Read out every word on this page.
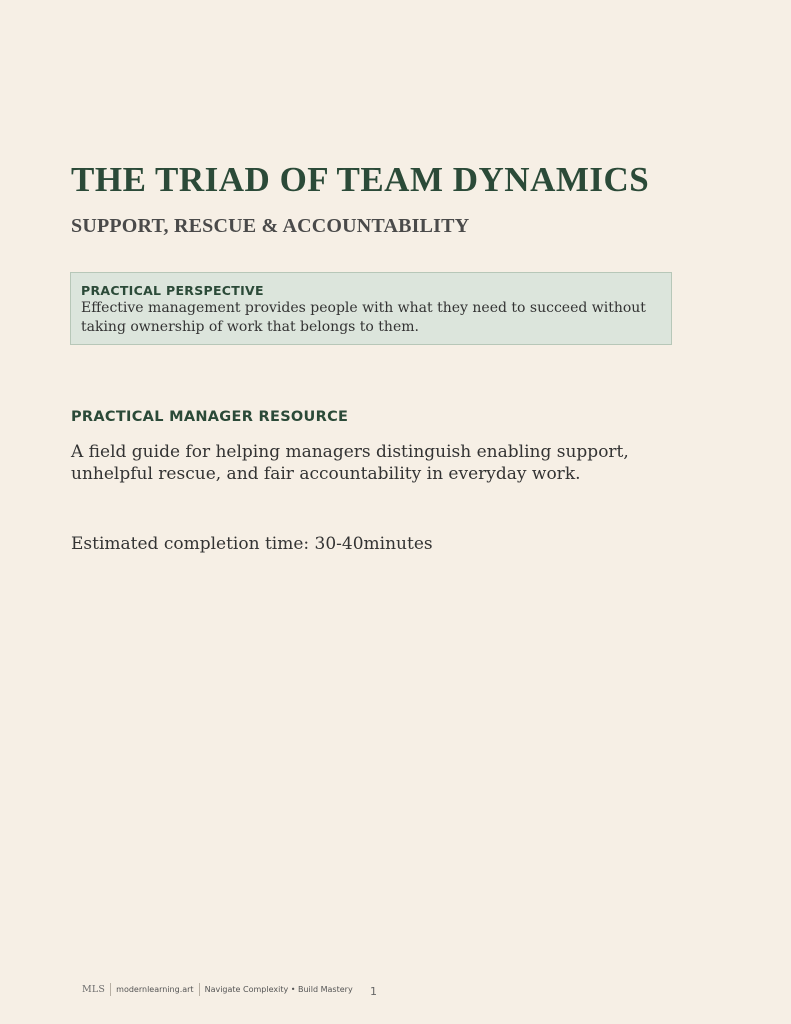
THE TRIAD OF TEAM DYNAMICS
SUPPORT, RESCUE & ACCOUNTABILITY
PRACTICAL PERSPECTIVE
Effective management provides people with what they need to succeed without taking ownership of work that belongs to them.
PRACTICAL MANAGER RESOURCE

A field guide for helping managers distinguish enabling support, unhelpful rescue, and fair accountability in everyday work.

Estimated completion time: 30-40minutes

MLS modernlearning.art Navigate Complexity • Build Mastery 1
